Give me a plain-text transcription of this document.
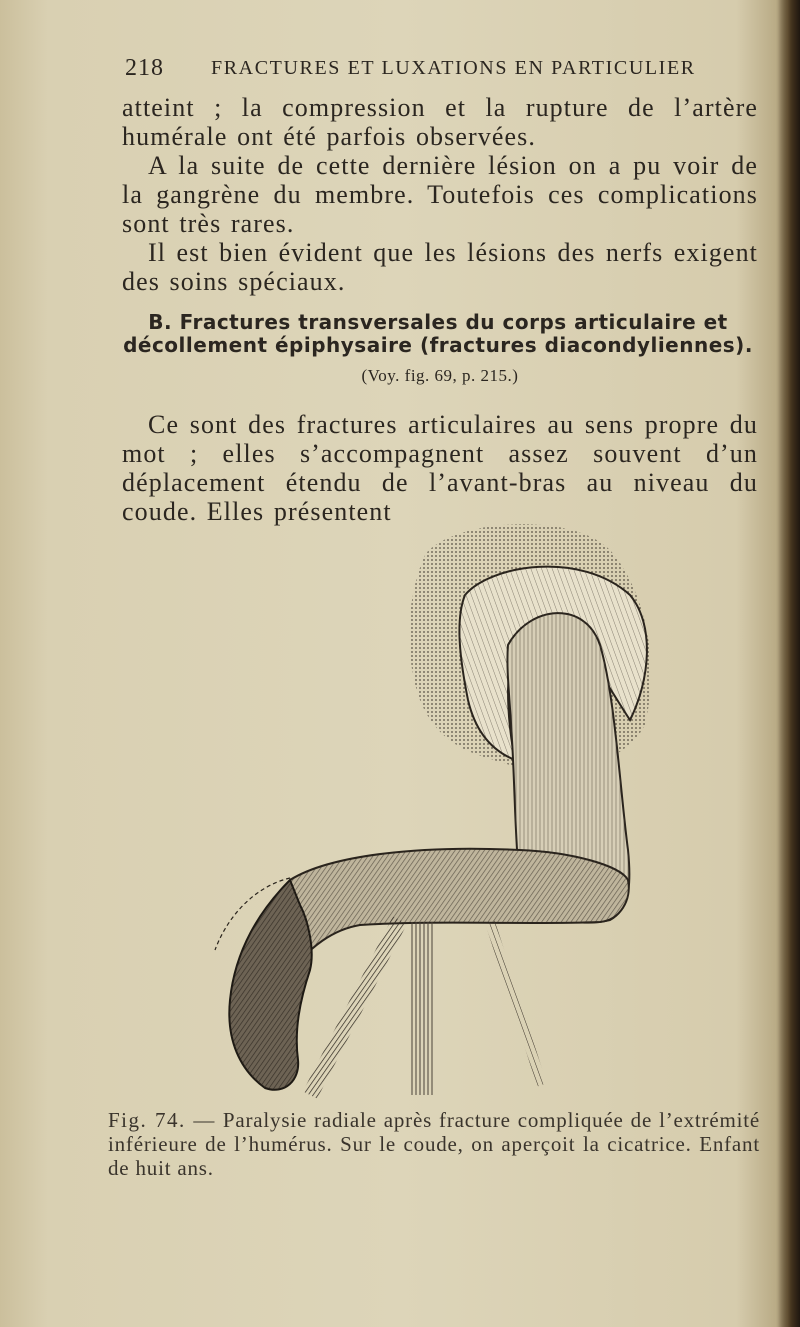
218 FRACTURES ET LUXATIONS EN PARTICULIER

atteint ; la compression et la rupture de l’artère humérale ont été parfois observées.

A la suite de cette dernière lésion on a pu voir de la gangrène du membre. Toutefois ces complications sont très rares.

Il est bien évident que les lésions des nerfs exigent des soins spéciaux.

B. Fractures transversales du corps articulaire et décollement épiphysaire (fractures diacondyliennes).
(Voy. fig. 69, p. 215.)

Ce sont des fractures articulaires au sens propre du mot ; elles s’accompagnent assez souvent d’un déplacement étendu de l’avant-bras au niveau du coude. Elles présentent

Fig. 74. — Paralysie radiale après fracture compliquée de l’extrémité inférieure de l’humérus. Sur le coude, on aperçoit la cicatrice. Enfant de huit ans.
